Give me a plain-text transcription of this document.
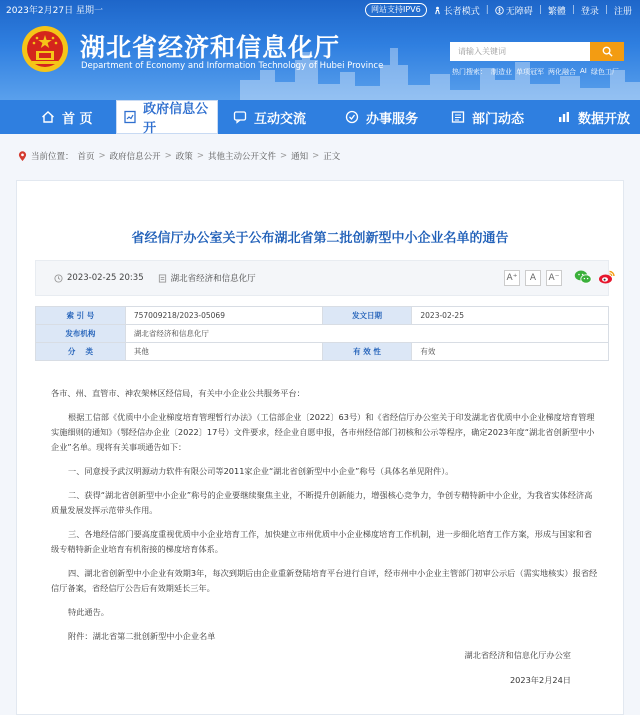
2023年2月27日 星期一	网站支持IPV6	长者模式 | 无障碍 | 繁體 | 登录 | 注册
湖北省经济和信息化厅
Department of Economy and Information Technology of Hubei Province
请输入关键词
热门搜索： 制造业 单项冠军 两化融合 AI 绿色工厂
首 页
政府信息公开
互动交流	办事服务	部门动态	数据开放
当前位置： 首页 > 政府信息公开 > 政策 > 其他主动公开文件 > 通知 > 正文
省经信厅办公室关于公布湖北省第二批创新型中小企业名单的通告
2023-02-25 20:35	湖北省经济和信息化厅	A⁺	A	A⁻
索 引 号	757009218/2023-05069	发文日期	2023-02-25
发布机构	湖北省经济和信息化厅		
分　 类	其他	有 效 性	有效

各市、州、直管市、神农架林区经信局，有关中小企业公共服务平台：

根据工信部《优质中小企业梯度培育管理暂行办法》（工信部企业〔2022〕63号）和《省经信厅办公室关于印发湖北省优质中小企业梯度培育管理实施细则的通知》（鄂经信办企业〔2022〕17号）文件要求，经企业自愿申报，各市州经信部门初核和公示等程序，确定2023年度“湖北省创新型中小企业”名单。现将有关事项通告如下：

一、同意授予武汉明源动力软件有限公司等2011家企业“湖北省创新型中小企业”称号（具体名单见附件）。

二、获得“湖北省创新型中小企业”称号的企业要继续聚焦主业，不断提升创新能力，增强核心竞争力，争创专精特新中小企业，为我省实体经济高质量发展发挥示范带头作用。

三、各地经信部门要高度重视优质中小企业培育工作，加快建立市州优质中小企业梯度培育工作机制，进一步细化培育工作方案，形成与国家和省级专精特新企业培育有机衔接的梯度培育体系。

四、湖北省创新型中小企业有效期3年，每次到期后由企业重新登陆培育平台进行自评，经市州中小企业主管部门初审公示后（需实地核实）报省经信厅备案，省经信厅公告后有效期延长三年。

特此通告。

附件：湖北省第二批创新型中小企业名单

湖北省经济和信息化厅办公室
2023年2月24日
